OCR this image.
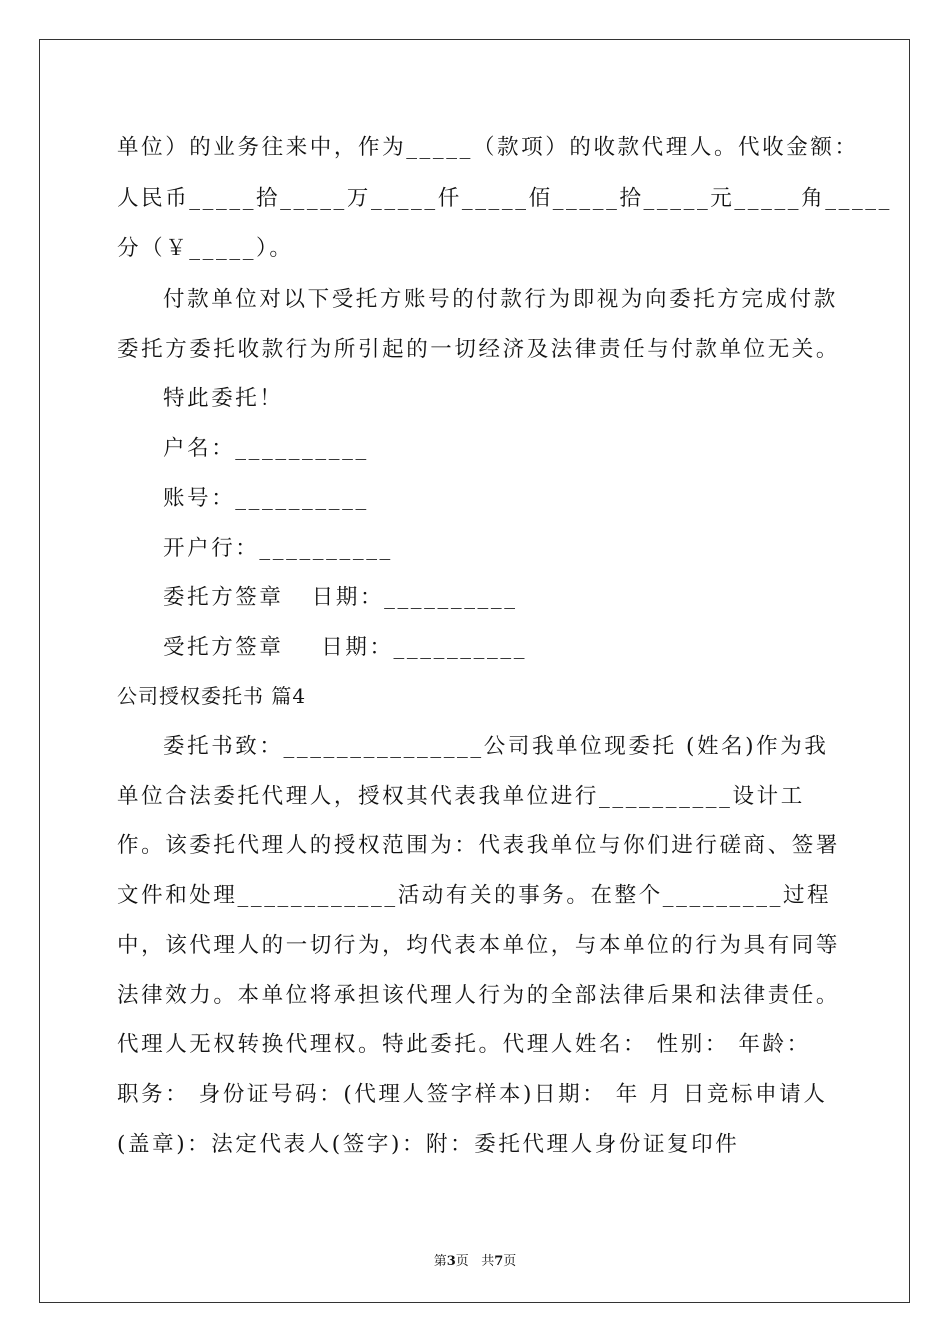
单位）的业务往来中，作为_____（款项）的收款代理人。代收金额：
人民币_____拾_____万_____仟_____佰_____拾_____元_____角_____
分（￥_____）。
付款单位对以下受托方账号的付款行为即视为向委托方完成付款
委托方委托收款行为所引起的一切经济及法律责任与付款单位无关。
特此委托！
户名：__________
账号：__________
开户行：__________
委托方签章   日期：__________
受托方签章    日期：__________
公司授权委托书 篇4
委托书致：_______________公司我单位现委托 (姓名)作为我
单位合法委托代理人，授权其代表我单位进行__________设计工
作。该委托代理人的授权范围为：代表我单位与你们进行磋商、签署
文件和处理____________活动有关的事务。在整个_________过程
中，该代理人的一切行为，均代表本单位，与本单位的行为具有同等
法律效力。本单位将承担该代理人行为的全部法律后果和法律责任。
代理人无权转换代理权。特此委托。代理人姓名： 性别： 年龄：
职务： 身份证号码：(代理人签字样本)日期： 年 月 日竞标申请人
(盖章)：法定代表人(签字)：附：委托代理人身份证复印件
第3页   共7页
